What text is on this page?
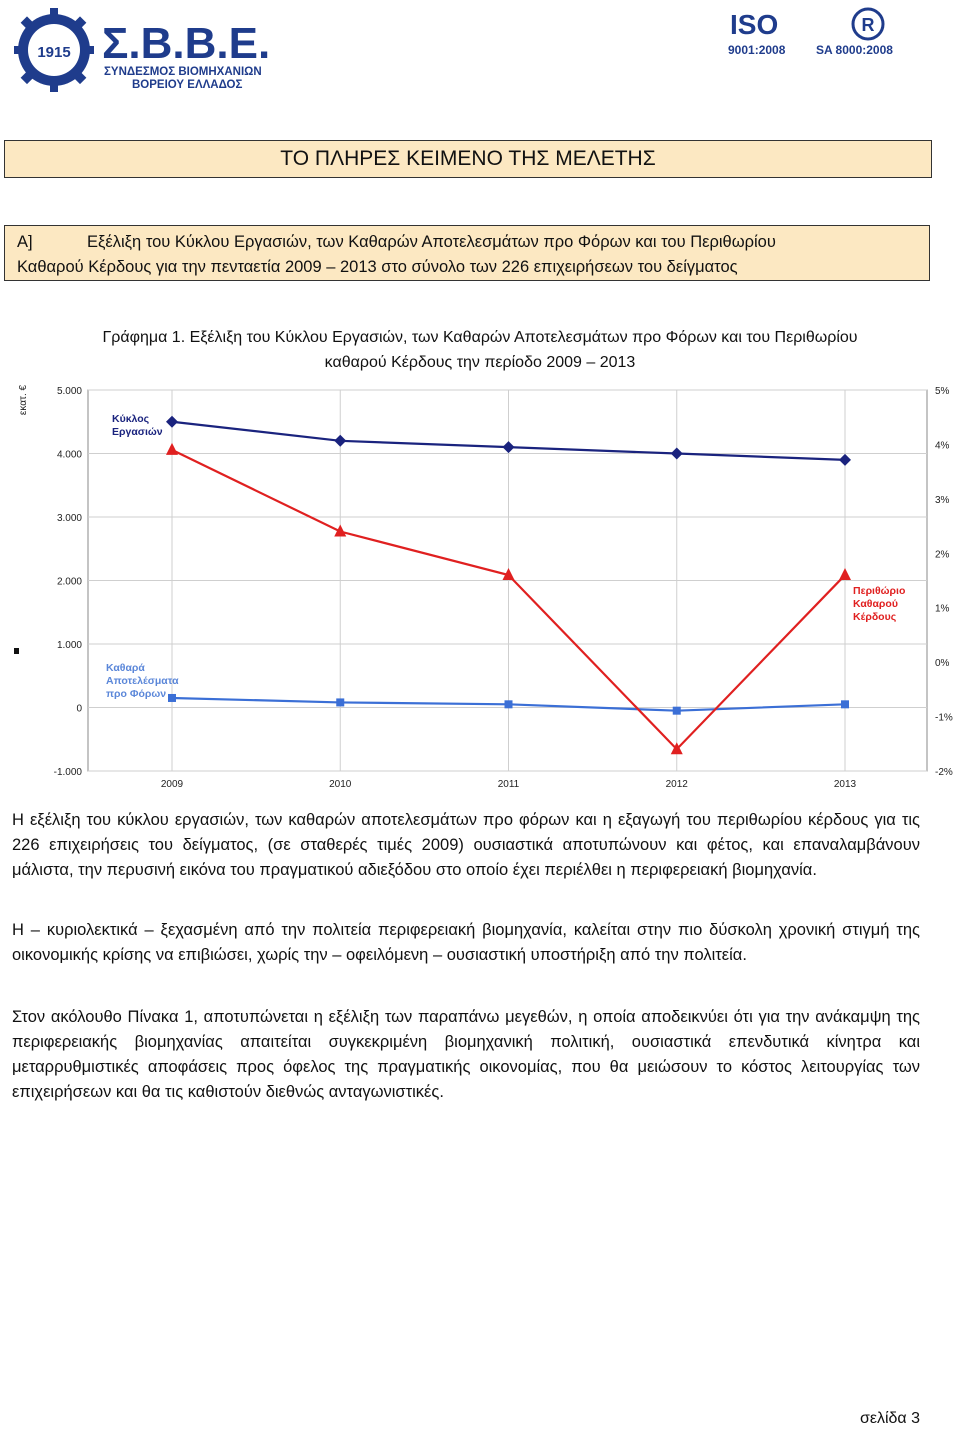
1915 Σ.Β.Β.Ε.
ΣΥΝΔΕΣΜΟΣ ΒΙΟΜΗΧΑΝΙΩΝ
ΒΟΡΕΙΟΥ ΕΛΛΑΔΟΣ
ISO	R
9001:2008	SA 8000:2008
ΤΟ ΠΛΗΡΕΣ ΚΕΙΜΕΝΟ ΤΗΣ ΜΕΛΕΤΗΣ
Α]	Εξέλιξη του Κύκλου Εργασιών, των Καθαρών Αποτελεσμάτων προ Φόρων και του Περιθωρίου
Καθαρού Κέρδους για την πενταετία 2009 – 2013 στο σύνολο των 226 επιχειρήσεων του δείγματος
Γράφημα 1. Εξέλιξη του Κύκλου Εργασιών, των Καθαρών Αποτελεσμάτων προ Φόρων και του Περιθωρίου
καθαρού Κέρδους την περίοδο 2009 – 2013
-1.000
0
1.000
2.000
3.000
4.000
5.000
-2%
-1%
0%
1%
2%
3%
4%
5%
2009	2010	2011	2012	2013
εκατ. €
Κύκλος
Εργασιών
Καθαρά
Αποτελέσματα
προ Φόρων
Περιθώριο
Καθαρού
Κέρδους
Η εξέλιξη του κύκλου εργασιών, των καθαρών αποτελεσμάτων προ φόρων και η εξαγωγή του περιθωρίου κέρδους για τις 226 επιχειρήσεις του δείγματος, (σε σταθερές τιμές 2009) ουσιαστικά αποτυπώνουν και φέτος, και επαναλαμβάνουν μάλιστα, την περυσινή εικόνα του πραγματικού αδιεξόδου στο οποίο έχει περιέλθει η περιφερειακή βιομηχανία.
Η – κυριολεκτικά – ξεχασμένη από την πολιτεία περιφερειακή βιομηχανία, καλείται στην πιο δύσκολη χρονική στιγμή της οικονομικής κρίσης να επιβιώσει, χωρίς την – οφειλόμενη – ουσιαστική υποστήριξη από την πολιτεία.
Στον ακόλουθο Πίνακα 1, αποτυπώνεται η εξέλιξη των παραπάνω μεγεθών, η οποία αποδεικνύει ότι για την ανάκαμψη της περιφερειακής βιομηχανίας απαιτείται συγκεκριμένη βιομηχανική πολιτική, ουσιαστικά επενδυτικά κίνητρα και μεταρρυθμιστικές αποφάσεις προς όφελος της πραγματικής οικονομίας, που θα μειώσουν το κόστος λειτουργίας των επιχειρήσεων και θα τις καθιστούν διεθνώς ανταγωνιστικές.
σελίδα 3
